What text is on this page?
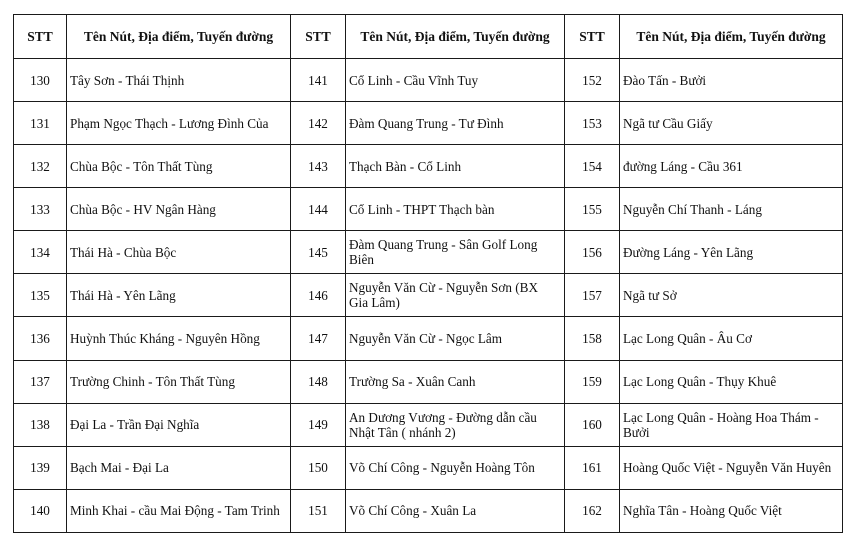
STT	Tên Nút, Địa điểm, Tuyến đường	STT	Tên Nút, Địa điểm, Tuyến đường	STT	Tên Nút, Địa điểm, Tuyến đường
130	Tây Sơn - Thái Thịnh	141	Cổ Linh - Cầu Vĩnh Tuy	152	Đào Tấn - Bưởi
131	Phạm Ngọc Thạch - Lương Đình Của	142	Đàm Quang Trung - Tư Đình	153	Ngã tư Cầu Giấy
132	Chùa Bộc - Tôn Thất Tùng	143	Thạch Bàn - Cổ Linh	154	đường Láng - Cầu 361
133	Chùa Bộc - HV Ngân Hàng	144	Cổ Linh - THPT Thạch bàn	155	Nguyễn Chí Thanh - Láng
134	Thái Hà - Chùa Bộc	145	Đàm Quang Trung - Sân Golf Long Biên	156	Đường Láng - Yên Lãng
135	Thái Hà - Yên Lãng	146	Nguyễn Văn Cừ - Nguyễn Sơn (BX Gia Lâm)	157	Ngã tư Sở
136	Huỳnh Thúc Kháng - Nguyên Hồng	147	Nguyễn Văn Cừ - Ngọc Lâm	158	Lạc Long Quân - Âu Cơ
137	Trường Chinh - Tôn Thất Tùng	148	Trường Sa - Xuân Canh	159	Lạc Long Quân - Thụy Khuê
138	Đại La - Trần Đại Nghĩa	149	An Dương Vương - Đường dẫn cầu Nhật Tân ( nhánh 2)	160	Lạc Long Quân - Hoàng Hoa Thám - Bưởi
139	Bạch Mai - Đại La	150	Võ Chí Công - Nguyễn Hoàng Tôn	161	Hoàng Quốc Việt - Nguyễn Văn Huyên
140	Minh Khai - cầu Mai Động - Tam Trinh	151	Võ Chí Công - Xuân La	162	Nghĩa Tân - Hoàng Quốc Việt
